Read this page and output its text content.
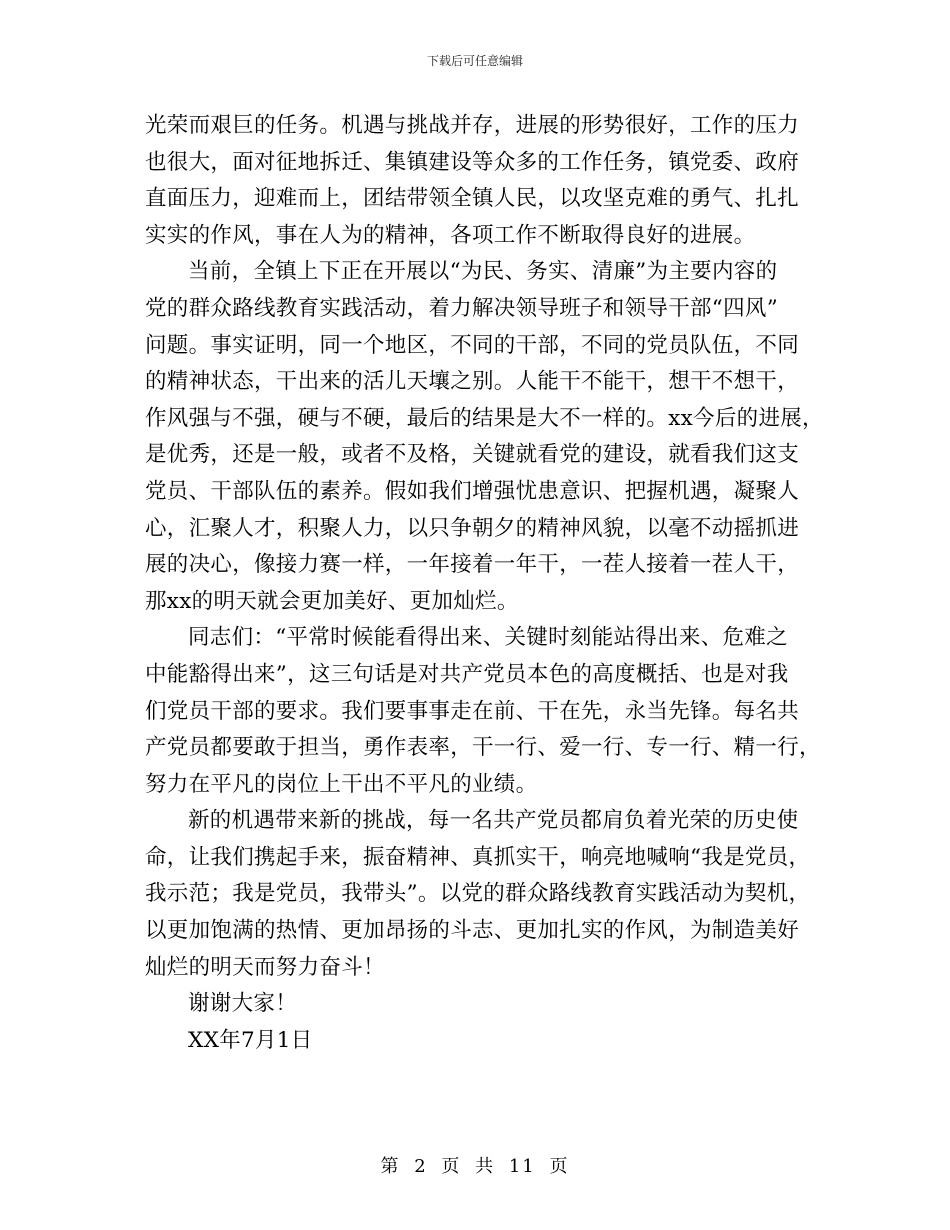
下载后可任意编辑
光荣而艰巨的任务。机遇与挑战并存，进展的形势很好，工作的压力
也很大，面对征地拆迁、集镇建设等众多的工作任务，镇党委、政府
直面压力，迎难而上，团结带领全镇人民，以攻坚克难的勇气、扎扎
实实的作风，事在人为的精神，各项工作不断取得良好的进展。
当前，全镇上下正在开展以“为民、务实、清廉”为主要内容的
党的群众路线教育实践活动，着力解决领导班子和领导干部“四风”
问题。事实证明，同一个地区，不同的干部，不同的党员队伍，不同
的精神状态，干出来的活儿天壤之别。人能干不能干，想干不想干，
作风强与不强，硬与不硬，最后的结果是大不一样的。xx今后的进展，
是优秀，还是一般，或者不及格，关键就看党的建设，就看我们这支
党员、干部队伍的素养。假如我们增强忧患意识、把握机遇，凝聚人
心，汇聚人才，积聚人力，以只争朝夕的精神风貌，以毫不动摇抓进
展的决心，像接力赛一样，一年接着一年干，一茬人接着一茬人干，
那xx的明天就会更加美好、更加灿烂。
同志们：“平常时候能看得出来、关键时刻能站得出来、危难之
中能豁得出来”，这三句话是对共产党员本色的高度概括、也是对我
们党员干部的要求。我们要事事走在前、干在先，永当先锋。每名共
产党员都要敢于担当，勇作表率，干一行、爱一行、专一行、精一行，
努力在平凡的岗位上干出不平凡的业绩。
新的机遇带来新的挑战，每一名共产党员都肩负着光荣的历史使
命，让我们携起手来，振奋精神、真抓实干，响亮地喊响“我是党员，
我示范；我是党员，我带头”。以党的群众路线教育实践活动为契机，
以更加饱满的热情、更加昂扬的斗志、更加扎实的作风，为制造美好
灿烂的明天而努力奋斗！
谢谢大家！
XX年7月1日
第 2 页 共 11 页
